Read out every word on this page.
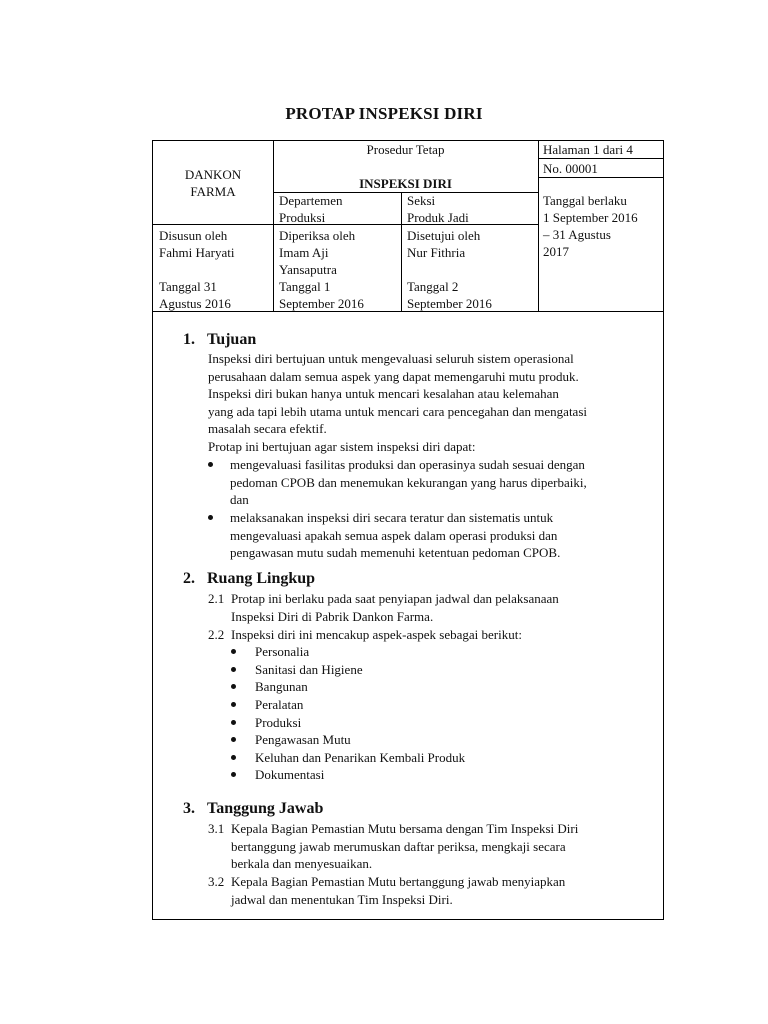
PROTAP INSPEKSI DIRI
DANKON
FARMA
Prosedur Tetap
INSPEKSI DIRI
Halaman 1 dari 4
No. 00001
Tanggal berlaku
1 September 2016
– 31 Agustus
2017
Departemen
Produksi
Seksi
Produk Jadi
Disusun oleh
Fahmi Haryati
Tanggal 31
Agustus 2016
Diperiksa oleh
Imam Aji
Yansaputra
Tanggal 1
September 2016
Disetujui oleh
Nur Fithria
Tanggal 2
September 2016
1. Tujuan
Inspeksi diri bertujuan untuk mengevaluasi seluruh sistem operasional
perusahaan dalam semua aspek yang dapat memengaruhi mutu produk.
Inspeksi diri bukan hanya untuk mencari kesalahan atau kelemahan
yang ada tapi lebih utama untuk mencari cara pencegahan dan mengatasi
masalah secara efektif.
Protap ini bertujuan agar sistem inspeksi diri dapat:
mengevaluasi fasilitas produksi dan operasinya sudah sesuai dengan
pedoman CPOB dan menemukan kekurangan yang harus diperbaiki,
dan
melaksanakan inspeksi diri secara teratur dan sistematis untuk
mengevaluasi apakah semua aspek dalam operasi produksi dan
pengawasan mutu sudah memenuhi ketentuan pedoman CPOB.
2. Ruang Lingkup
2.1 Protap ini berlaku pada saat penyiapan jadwal dan pelaksanaan
Inspeksi Diri di Pabrik Dankon Farma.
2.2 Inspeksi diri ini mencakup aspek-aspek sebagai berikut:
Personalia
Sanitasi dan Higiene
Bangunan
Peralatan
Produksi
Pengawasan Mutu
Keluhan dan Penarikan Kembali Produk
Dokumentasi
3. Tanggung Jawab
3.1 Kepala Bagian Pemastian Mutu bersama dengan Tim Inspeksi Diri
bertanggung jawab merumuskan daftar periksa, mengkaji secara
berkala dan menyesuaikan.
3.2 Kepala Bagian Pemastian Mutu bertanggung jawab menyiapkan
jadwal dan menentukan Tim Inspeksi Diri.
